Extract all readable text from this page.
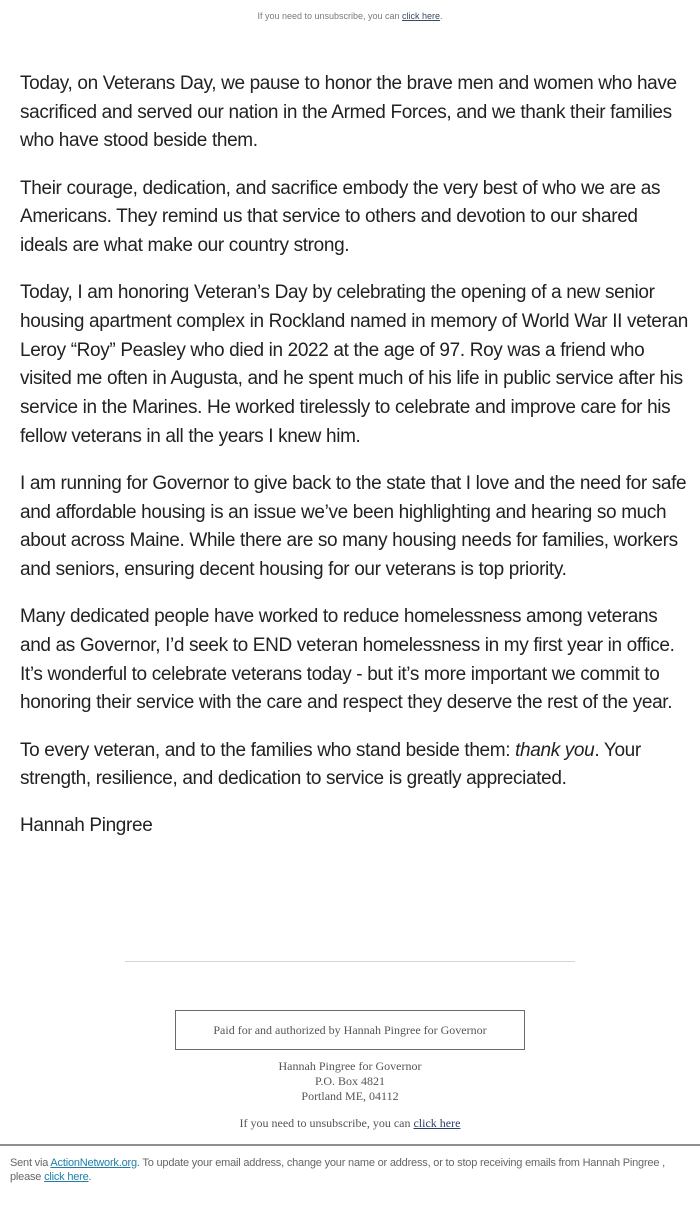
If you need to unsubscribe, you can click here.

Today, on Veterans Day, we pause to honor the brave men and women who have sacrificed and served our nation in the Armed Forces, and we thank their families who have stood beside them.

Their courage, dedication, and sacrifice embody the very best of who we are as Americans. They remind us that service to others and devotion to our shared ideals are what make our country strong.

Today, I am honoring Veteran’s Day by celebrating the opening of a new senior housing apartment complex in Rockland named in memory of World War II veteran Leroy “Roy” Peasley who died in 2022 at the age of 97. Roy was a friend who visited me often in Augusta, and he spent much of his life in public service after his service in the Marines. He worked tirelessly to celebrate and improve care for his fellow veterans in all the years I knew him.

I am running for Governor to give back to the state that I love and the need for safe and affordable housing is an issue we’ve been highlighting and hearing so much about across Maine. While there are so many housing needs for families, workers and seniors, ensuring decent housing for our veterans is top priority.

Many dedicated people have worked to reduce homelessness among veterans and as Governor, I’d seek to END veteran homelessness in my first year in office. It’s wonderful to celebrate veterans today - but it’s more important we commit to honoring their service with the care and respect they deserve the rest of the year.

To every veteran, and to the families who stand beside them: thank you. Your strength, resilience, and dedication to service is greatly appreciated.

Hannah Pingree

Paid for and authorized by Hannah Pingree for Governor
Hannah Pingree for Governor
P.O. Box 4821
Portland ME, 04112
If you need to unsubscribe, you can click here
Sent via ActionNetwork.org. To update your email address, change your name or address, or to stop receiving emails from Hannah Pingree , please click here.
